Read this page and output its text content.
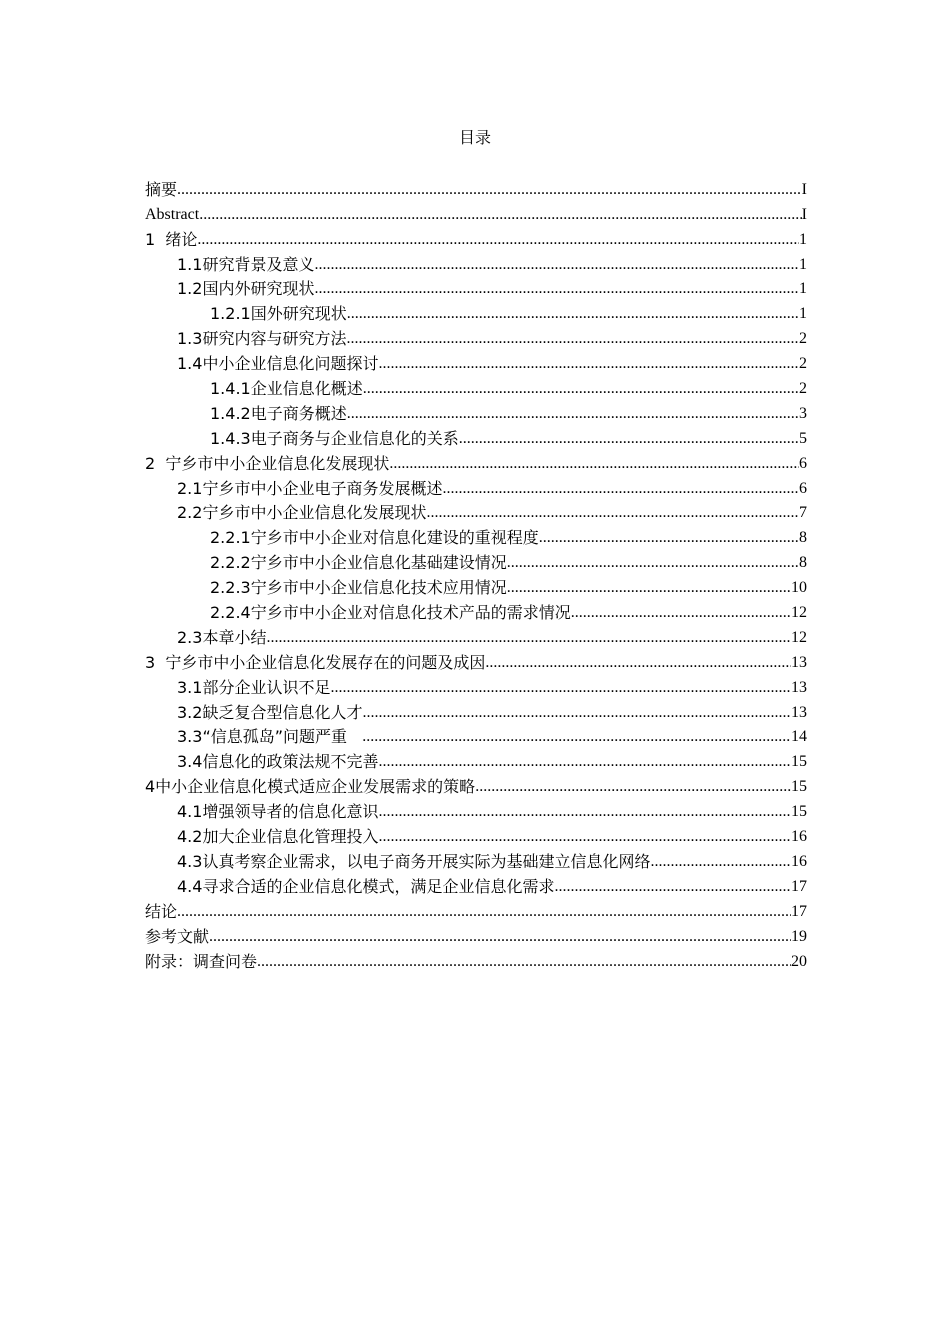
目录
摘要 .....	I
Abstract .....	I
1  绪论 .....	1
1.1研究背景及意义 .....	1
1.2国内外研究现状 .....	1
1.2.1国外研究现状 .....	1
1.3研究内容与研究方法 .....	2
1.4中小企业信息化问题探讨 .....	2
1.4.1企业信息化概述 .....	2
1.4.2电子商务概述 .....	3
1.4.3电子商务与企业信息化的关系 .....	5
2  宁乡市中小企业信息化发展现状 .....	6
2.1宁乡市中小企业电子商务发展概述 .....	6
2.2宁乡市中小企业信息化发展现状 .....	7
2.2.1宁乡市中小企业对信息化建设的重视程度 .....	8
2.2.2宁乡市中小企业信息化基础建设情况 .....	8
2.2.3宁乡市中小企业信息化技术应用情况 .....	10
2.2.4宁乡市中小企业对信息化技术产品的需求情况 .....	12
2.3本章小结 .....	12
3  宁乡市中小企业信息化发展存在的问题及成因 .....	13
3.1部分企业认识不足 .....	13
3.2缺乏复合型信息化人才 .....	13
3.3“信息孤岛”问题严重 .....	14
3.4信息化的政策法规不完善 .....	15
4中小企业信息化模式适应企业发展需求的策略 .....	15
4.1增强领导者的信息化意识 .....	15
4.2加大企业信息化管理投入 .....	16
4.3认真考察企业需求，以电子商务开展实际为基础建立信息化网络 .....	16
4.4寻求合适的企业信息化模式，满足企业信息化需求 .....	17
结论 .....	17
参考文献 .....	19
附录：调查问卷 .....	20
